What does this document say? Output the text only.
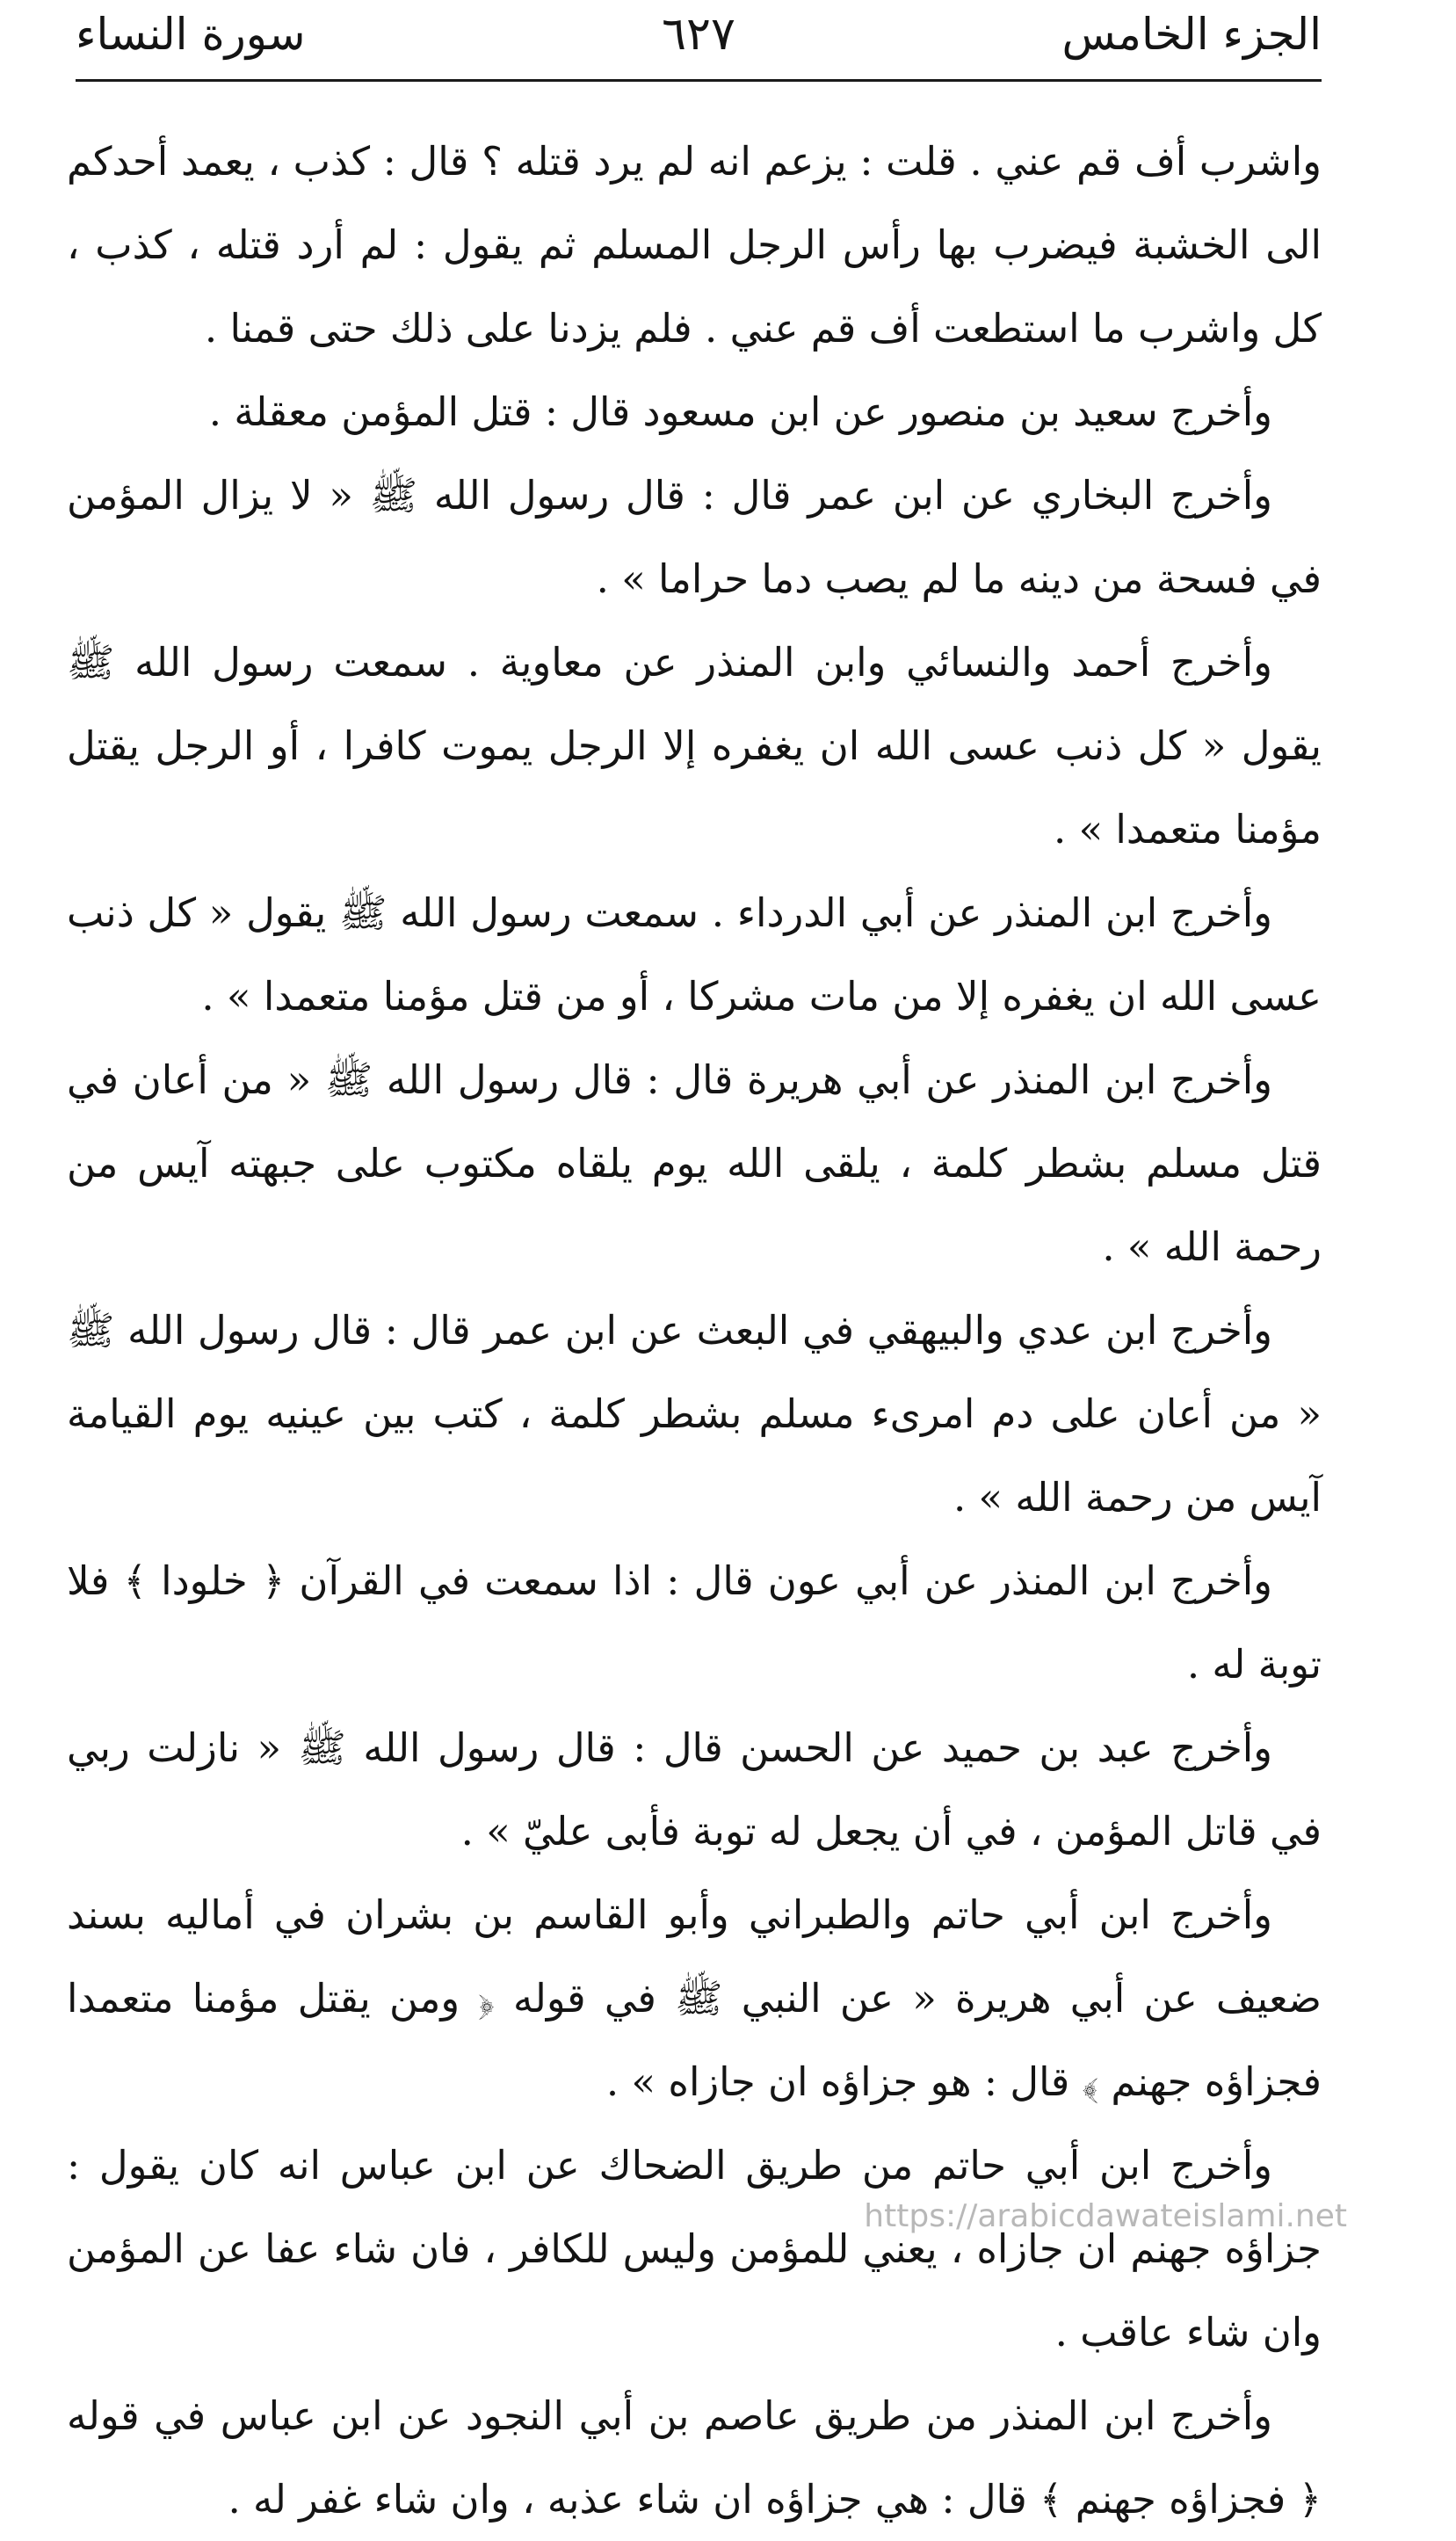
الجزء الخامس
٦٢٧
سورة النساء

واشرب أف قم عني . قلت : يزعم انه لم يرد قتله ؟ قال : كذب ، يعمد أحدكم الى الخشبة فيضرب بها رأس الرجل المسلم ثم يقول : لم أرد قتله ، كذب ، كل واشرب ما استطعت أف قم عني . فلم يزدنا على ذلك حتى قمنا .

وأخرج سعيد بن منصور عن ابن مسعود قال : قتل المؤمن معقلة .

وأخرج البخاري عن ابن عمر قال : قال رسول الله ﷺ « لا يزال المؤمن في فسحة من دينه ما لم يصب دما حراما » .

وأخرج أحمد والنسائي وابن المنذر عن معاوية . سمعت رسول الله ﷺ يقول « كل ذنب عسى الله ان يغفره إلا الرجل يموت كافرا ، أو الرجل يقتل مؤمنا متعمدا » .

وأخرج ابن المنذر عن أبي الدرداء . سمعت رسول الله ﷺ يقول « كل ذنب عسى الله ان يغفره إلا من مات مشركا ، أو من قتل مؤمنا متعمدا » .

وأخرج ابن المنذر عن أبي هريرة قال : قال رسول الله ﷺ « من أعان في قتل مسلم بشطر كلمة ، يلقى الله يوم يلقاه مكتوب على جبهته آيس من رحمة الله » .

وأخرج ابن عدي والبيهقي في البعث عن ابن عمر قال : قال رسول الله ﷺ « من أعان على دم امرىء مسلم بشطر كلمة ، كتب بين عينيه يوم القيامة آيس من رحمة الله » .

وأخرج ابن المنذر عن أبي عون قال : اذا سمعت في القرآن ﴿ خلودا ﴾ فلا توبة له .

وأخرج عبد بن حميد عن الحسن قال : قال رسول الله ﷺ « نازلت ربي في قاتل المؤمن ، في أن يجعل له توبة فأبى عليّ » .

وأخرج ابن أبي حاتم والطبراني وأبو القاسم بن بشران في أماليه بسند ضعيف عن أبي هريرة « عن النبي ﷺ في قوله ﴿ ومن يقتل مؤمنا متعمدا فجزاؤه جهنم ﴾ قال : هو جزاؤه ان جازاه » .

وأخرج ابن أبي حاتم من طريق الضحاك عن ابن عباس انه كان يقول : جزاؤه جهنم ان جازاه ، يعني للمؤمن وليس للكافر ، فان شاء عفا عن المؤمن وان شاء عاقب .

وأخرج ابن المنذر من طريق عاصم بن أبي النجود عن ابن عباس في قوله ﴿ فجزاؤه جهنم ﴾ قال : هي جزاؤه ان شاء عذبه ، وان شاء غفر له .

https://arabicdawateislami.net
